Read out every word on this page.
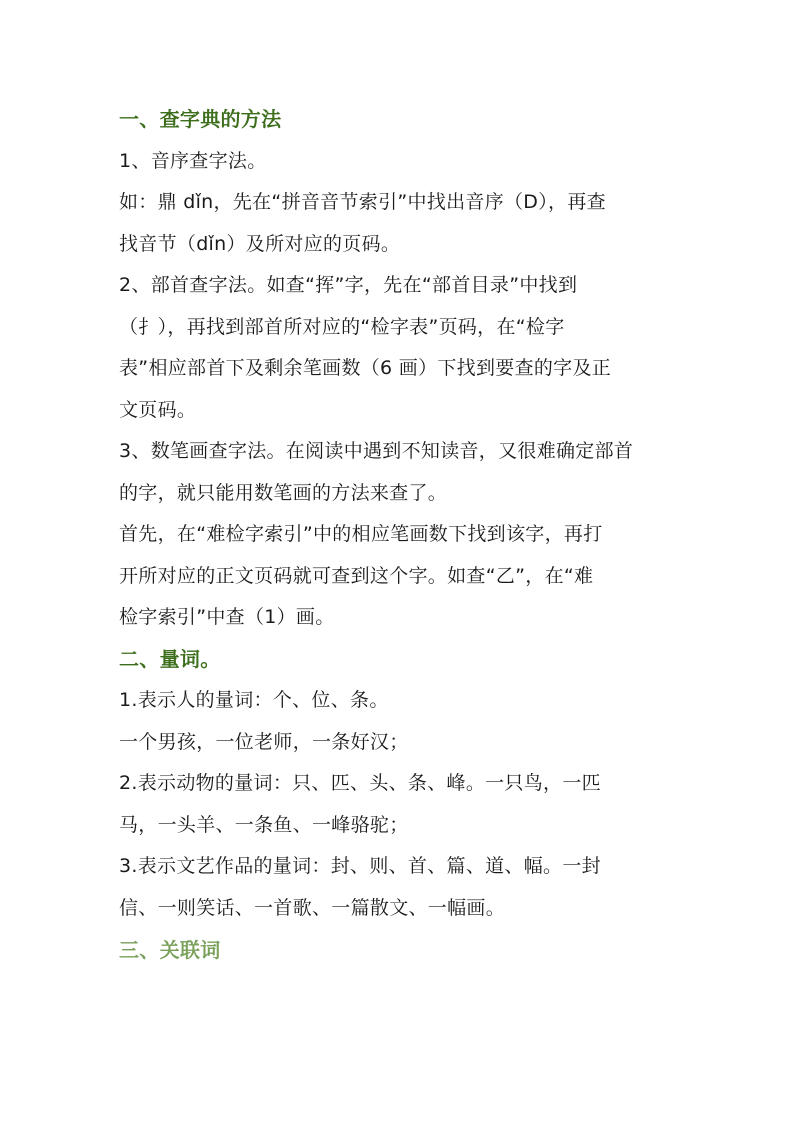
一、查字典的方法
1、音序查字法。
如：鼎 dǐn，先在“拼音音节索引”中找出音序（D），再查
找音节（dǐn）及所对应的页码。
2、部首查字法。如查“挥”字，先在“部首目录”中找到
（扌），再找到部首所对应的“检字表”页码，在“检字
表”相应部首下及剩余笔画数（6 画）下找到要查的字及正
文页码。
3、数笔画查字法。在阅读中遇到不知读音，又很难确定部首
的字，就只能用数笔画的方法来查了。
首先，在“难检字索引”中的相应笔画数下找到该字，再打
开所对应的正文页码就可查到这个字。如查“乙”，在“难
检字索引”中查（1）画。
二、量词。
1.表示人的量词：个、位、条。
一个男孩，一位老师，一条好汉；
2.表示动物的量词：只、匹、头、条、峰。一只鸟，一匹
马，一头羊、一条鱼、一峰骆驼；
3.表示文艺作品的量词：封、则、首、篇、道、幅。一封
信、一则笑话、一首歌、一篇散文、一幅画。
三、关联词
